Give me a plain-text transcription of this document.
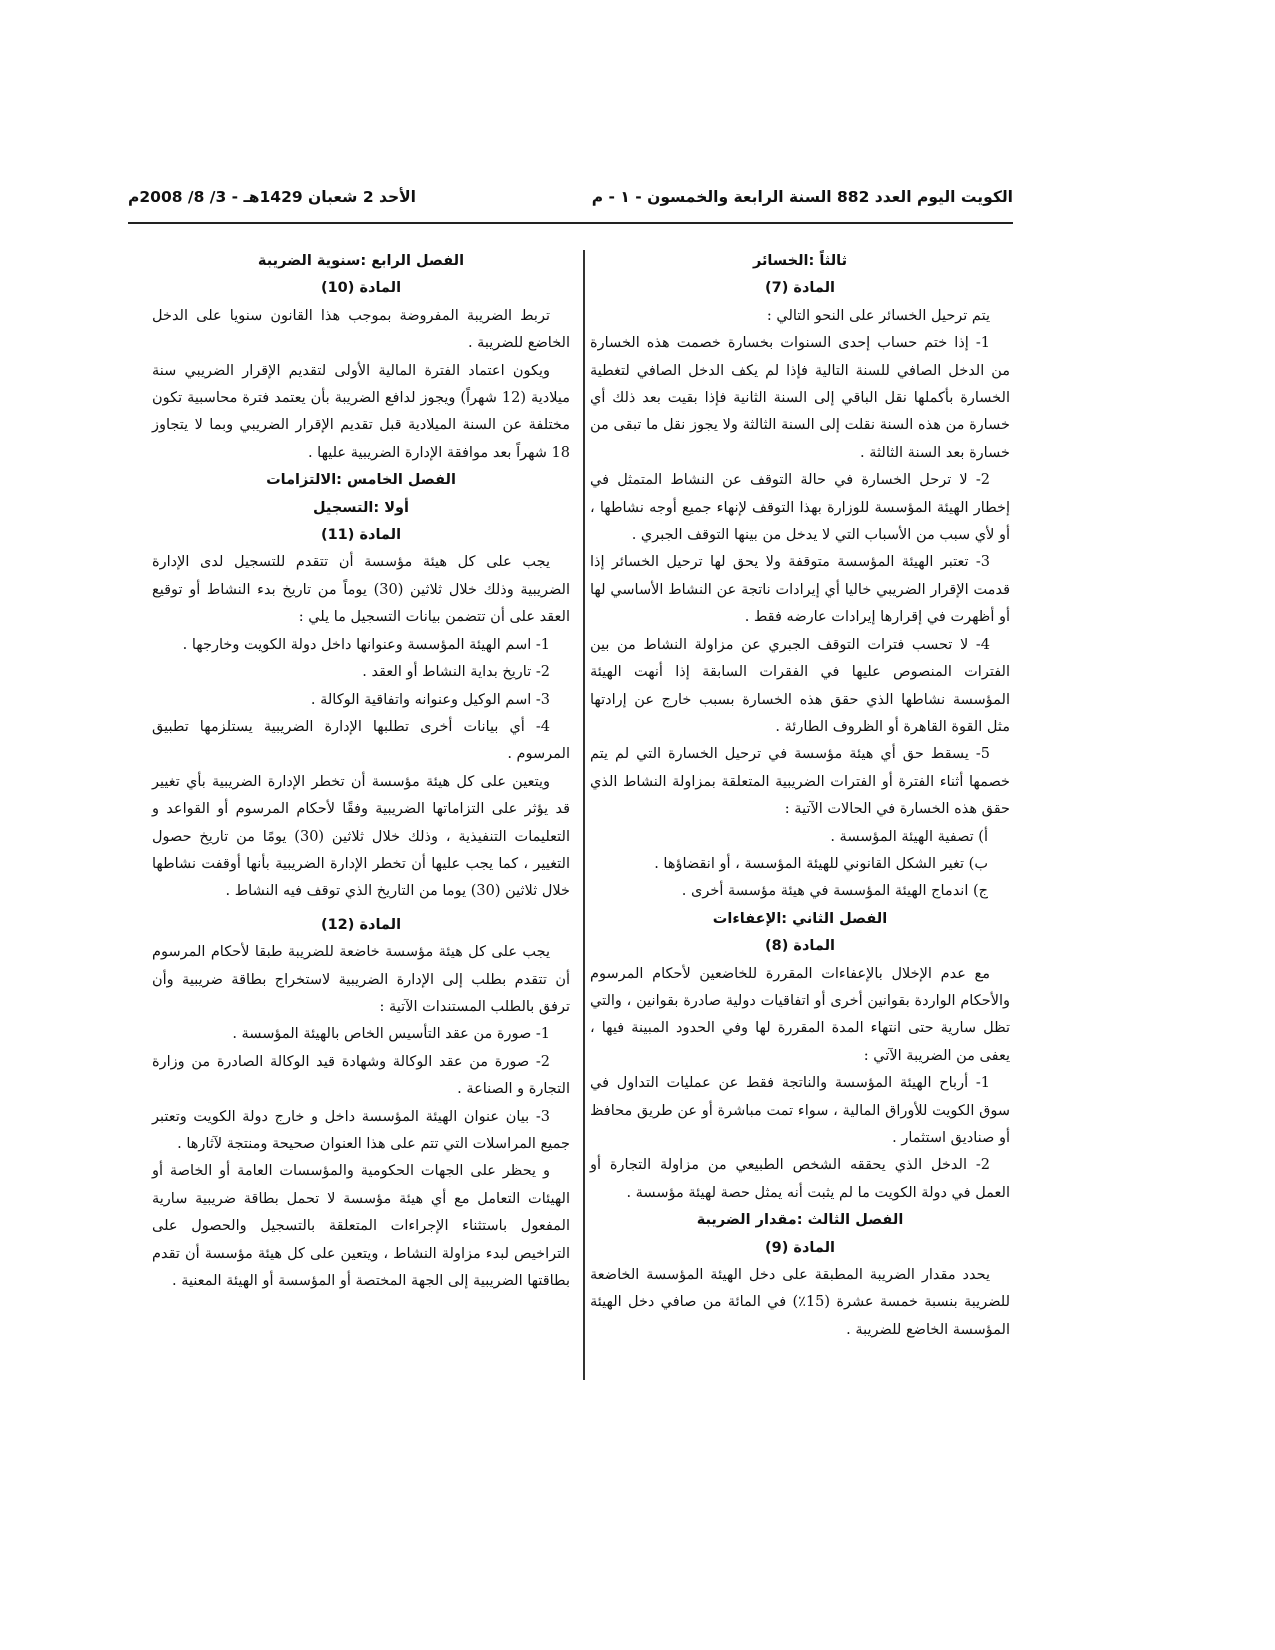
الكويت اليوم العدد 882 السنة الرابعة والخمسون - ١ - م
الأحد 2 شعبان 1429هـ - 3/ 8/ 2008م
ثالثاً :الخسائر
المادة (7)

يتم ترحيل الخسائر على النحو التالي :

1- إذا ختم حساب إحدى السنوات بخسارة خصمت هذه الخسارة من الدخل الصافي للسنة التالية فإذا لم يكف الدخل الصافي لتغطية الخسارة بأكملها نقل الباقي إلى السنة الثانية فإذا بقيت بعد ذلك أي خسارة من هذه السنة نقلت إلى السنة الثالثة ولا يجوز نقل ما تبقى من خسارة بعد السنة الثالثة .

2- لا ترحل الخسارة في حالة التوقف عن النشاط المتمثل في إخطار الهيئة المؤسسة للوزارة بهذا التوقف لإنهاء جميع أوجه نشاطها ، أو لأي سبب من الأسباب التي لا يدخل من بينها التوقف الجبري .

3- تعتبر الهيئة المؤسسة متوقفة ولا يحق لها ترحيل الخسائر إذا قدمت الإقرار الضريبي خاليا أي إيرادات ناتجة عن النشاط الأساسي لها أو أظهرت في إقرارها إيرادات عارضه فقط .

4- لا تحسب فترات التوقف الجبري عن مزاولة النشاط من بين الفترات المنصوص عليها في الفقرات السابقة إذا أنهت الهيئة المؤسسة نشاطها الذي حقق هذه الخسارة بسبب خارج عن إرادتها مثل القوة القاهرة أو الظروف الطارئة .

5- يسقط حق أي هيئة مؤسسة في ترحيل الخسارة التي لم يتم خصمها أثناء الفترة أو الفترات الضريبية المتعلقة بمزاولة النشاط الذي حقق هذه الخسارة في الحالات الآتية :

أ) تصفية الهيئة المؤسسة .

ب) تغير الشكل القانوني للهيئة المؤسسة ، أو انقضاؤها .

ج) اندماج الهيئة المؤسسة في هيئة مؤسسة أخرى .

الفصل الثاني :الإعفاءات
المادة (8)

مع عدم الإخلال بالإعفاءات المقررة للخاضعين لأحكام المرسوم والأحكام الواردة بقوانين أخرى أو اتفاقيات دولية صادرة بقوانين ، والتي تظل سارية حتى انتهاء المدة المقررة لها وفي الحدود المبينة فيها ، يعفى من الضريبة الآتي :

1- أرباح الهيئة المؤسسة والناتجة فقط عن عمليات التداول في سوق الكويت للأوراق المالية ، سواء تمت مباشرة أو عن طريق محافظ أو صناديق استثمار .

2- الدخل الذي يحققه الشخص الطبيعي من مزاولة التجارة أو العمل في دولة الكويت ما لم يثبت أنه يمثل حصة لهيئة مؤسسة .

الفصل الثالث :مقدار الضريبة
المادة (9)

يحدد مقدار الضريبة المطبقة على دخل الهيئة المؤسسة الخاضعة للضريبة بنسبة خمسة عشرة (15٪) في المائة من صافي دخل الهيئة المؤسسة الخاضع للضريبة .

الفصل الرابع :سنوية الضريبة
المادة (10)

تربط الضريبة المفروضة بموجب هذا القانون سنويا على الدخل الخاضع للضريبة .

ويكون اعتماد الفترة المالية الأولى لتقديم الإقرار الضريبي سنة ميلادية (12 شهراً) ويجوز لدافع الضريبة بأن يعتمد فترة محاسبية تكون مختلفة عن السنة الميلادية قبل تقديم الإقرار الضريبي وبما لا يتجاوز 18 شهراً بعد موافقة الإدارة الضريبية عليها .

الفصل الخامس :الالتزامات
أولا :التسجيل
المادة (11)

يجب على كل هيئة مؤسسة أن تتقدم للتسجيل لدى الإدارة الضريبية وذلك خلال ثلاثين (30) يوماً من تاريخ بدء النشاط أو توقيع العقد على أن تتضمن بيانات التسجيل ما يلي :

1- اسم الهيئة المؤسسة وعنوانها داخل دولة الكويت وخارجها .

2- تاريخ بداية النشاط أو العقد .

3- اسم الوكيل وعنوانه واتفاقية الوكالة .

4- أي بيانات أخرى تطلبها الإدارة الضريبية يستلزمها تطبيق المرسوم .

ويتعين على كل هيئة مؤسسة أن تخطر الإدارة الضريبية بأي تغيير قد يؤثر على التزاماتها الضريبية وفقًا لأحكام المرسوم أو القواعد و التعليمات التنفيذية ، وذلك خلال ثلاثين (30) يومًا من تاريخ حصول التغيير ، كما يجب عليها أن تخطر الإدارة الضريبية بأنها أوقفت نشاطها خلال ثلاثين (30) يوما من التاريخ الذي توقف فيه النشاط .

المادة (12)

يجب على كل هيئة مؤسسة خاضعة للضريبة طبقا لأحكام المرسوم أن تتقدم بطلب إلى الإدارة الضريبية لاستخراج بطاقة ضريبية وأن ترفق بالطلب المستندات الآتية :

1- صورة من عقد التأسيس الخاص بالهيئة المؤسسة .

2- صورة من عقد الوكالة وشهادة قيد الوكالة الصادرة من وزارة التجارة و الصناعة .

3- بيان عنوان الهيئة المؤسسة داخل و خارج دولة الكويت وتعتبر جميع المراسلات التي تتم على هذا العنوان صحيحة ومنتجة لآثارها .

و يحظر على الجهات الحكومية والمؤسسات العامة أو الخاصة أو الهيئات التعامل مع أي هيئة مؤسسة لا تحمل بطاقة ضريبية سارية المفعول باستثناء الإجراءات المتعلقة بالتسجيل والحصول على التراخيص لبدء مزاولة النشاط ، ويتعين على كل هيئة مؤسسة أن تقدم بطاقتها الضريبية إلى الجهة المختصة أو المؤسسة أو الهيئة المعنية .
